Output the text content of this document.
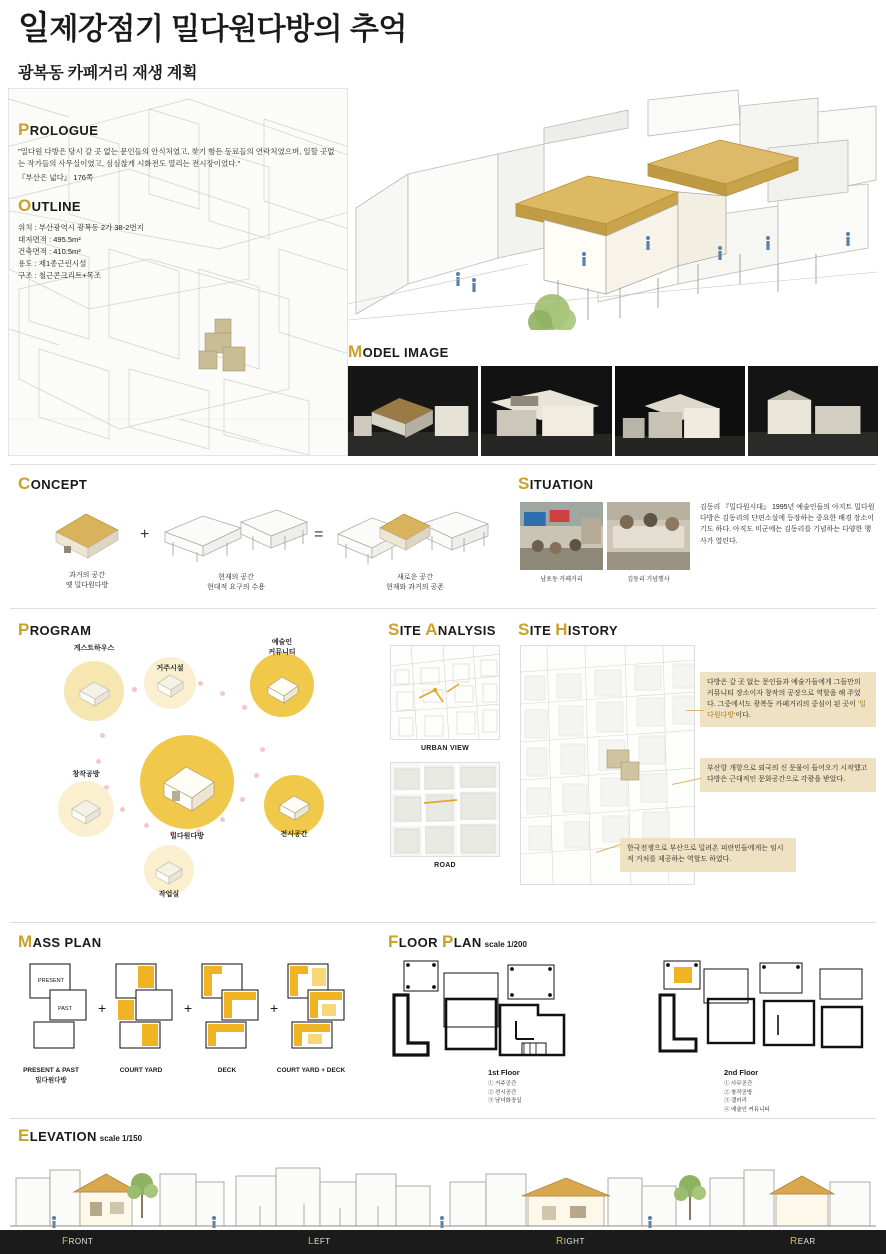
일제강점기 밀다원다방의 추억
광복동 카페거리 재생 계획
PROLOGUE
"밀다원 다방은 당시 갈 곳 없는 문인들의 안식처였고, 찾기 힘든 동료들의 연락처였으며, 일할 곳없는 작가들의 사무실이였고, 심심찮게 시화전도 열리는 전시장이었다."
『부산은 넓다』 176쪽
OUTLINE
위치 : 부산광역시 광복동 2가 38-2번지
대지면적 : 495.5m²
건축면적 : 410.5m²
용도 : 제1종근린시설
구조 : 철근콘크리트+목조
MODEL IMAGE
CONCEPT
과거의 공간
옛 밀다원다방
+
현재의 공간
현대적 요구의 수용
=
새로운 공간
현재와 과거의 공존
SITUATION
남포동 카페거리	김동리 기념행사
김동리 『밀다원시대』 1995년 예술인들의 아지트 밀다원다방은 김동리의 단편소설에 등장하는 중요한 배경 장소이기도 하다. 아직도 미군에는 김동리를 기념하는 다양한 행사가 열린다.
PROGRAM
게스트하우스
거주시설
예술인
커뮤니티
창작공방
밀다원다방	전시공간
작업실
SITE ANALYSIS
URBAN VIEW
ROAD
SITE HISTORY
다방은 갈 곳 없는 문인들과 예술가들에게 그들만의 커뮤니티 장소이자 창작의 공장으로 역할을 해 주었다. 그중에서도 광복동 카페거리의 중심이 된 곳이 '밀다원다방'이다.
부산항 개항으로 외국의 신 문물이 들어오기 시작했고 다방은 근대적인 문화공간으로 각광을 받았다.
한국전쟁으로 부산으로 밀려온 피란민들에게는 임시적 거처를 제공하는 역할도 하였다.
MASS PLAN
PRESENT
PAST +	+	+
PRESENT & PAST
밀다원다방
COURT YARD	DECK	COURT YARD + DECK
FLOOR PLAN scale 1/200
1st Floor
① 거주공간
② 전시공간
③ 남녀화장실
2nd Floor
① 사무공간
② 창작공방
③ 갤러리
④ 예술인 커뮤니티
ELEVATION scale 1/150
FRONT	LEFT	RIGHT	REAR
